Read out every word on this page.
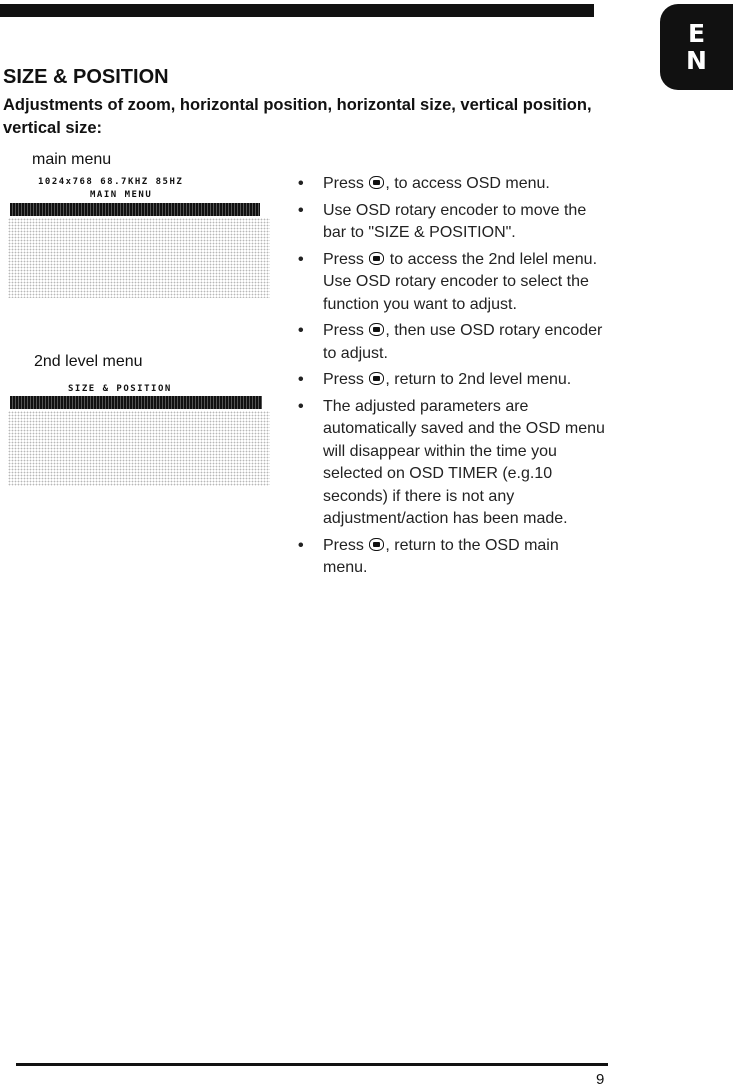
E
N
SIZE & POSITION

Adjustments of zoom, horizontal position, horizontal size, vertical position, vertical size:

main menu
1024x768 68.7KHZ 85HZ
MAIN MENU
2nd level menu
SIZE & POSITION
• Press , to access OSD menu.
• Use OSD rotary encoder to move the bar to "SIZE & POSITION".
• Press  to access the 2nd lelel menu. Use OSD rotary encoder to select the function you want to adjust.
• Press , then use OSD rotary encoder to adjust.
• Press , return to 2nd level menu.
• The adjusted parameters are automatically saved and the OSD menu will disappear within the time you selected on OSD TIMER (e.g.10 seconds) if there is not any adjustment/action has been made.
• Press , return to the OSD main menu.
9
